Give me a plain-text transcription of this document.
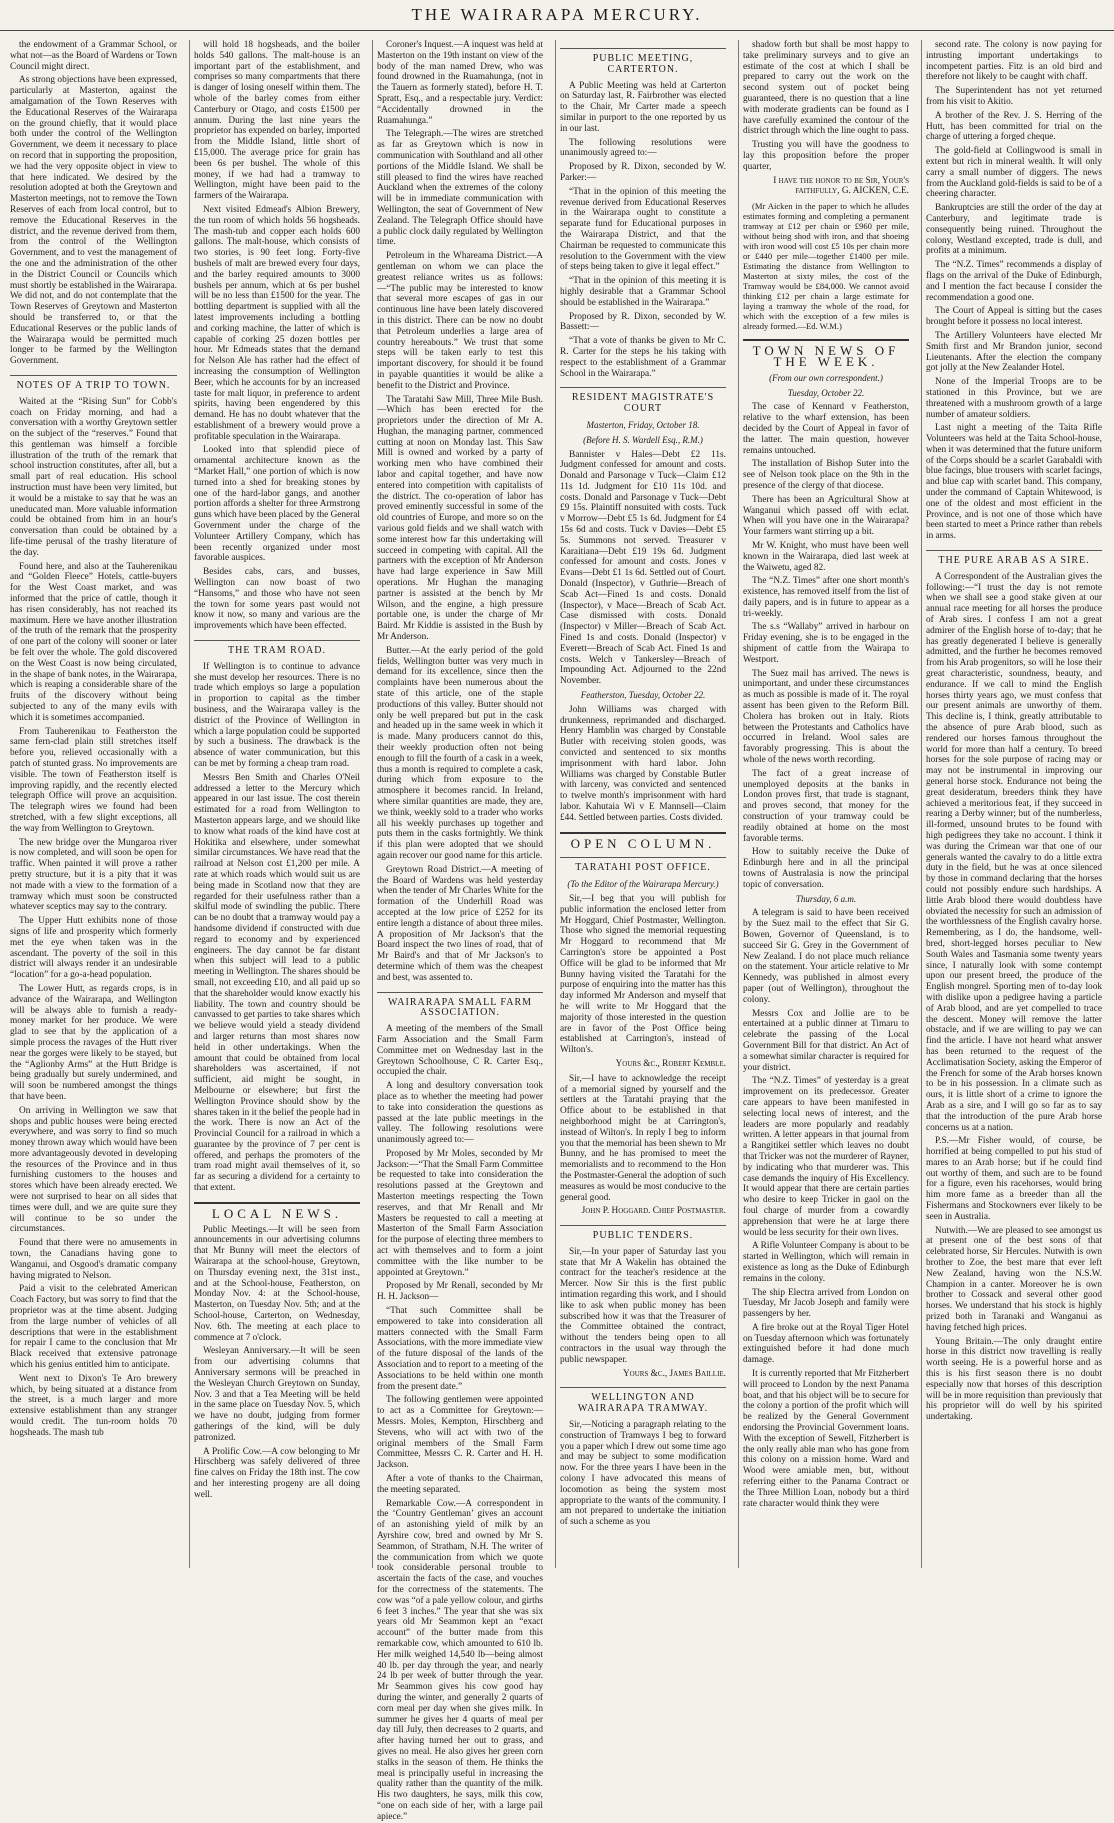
THE WAIRARAPA MERCURY.

the endowment of a Grammar School, or what not—as the Board of Wardens or Town Council might direct.

As strong objections have been expressed, particularly at Masterton, against the amalgamation of the Town Reserves with the Educational Reserves of the Wairarapa on the ground chiefly, that it would place both under the control of the Wellington Government, we deem it necessary to place on record that in supporting the proposition, we had the very opposite object in view to that here indicated. We desired by the resolution adopted at both the Greytown and Masterton meetings, not to remove the Town Reserves of each from local control, but to remove the Educational Reserves in the district, and the revenue derived from them, from the control of the Wellington Government, and to vest the management of the one and the administration of the other in the District Council or Councils which must shortly be established in the Wairarapa. We did not, and do not contemplate that the Town Reserves of Greytown and Masterton should be transferred to, or that the Educational Reserves or the public lands of the Wairarapa would be permitted much longer to be farmed by the Wellington Government.

NOTES OF A TRIP TO TOWN.

Waited at the “Rising Sun” for Cobb's coach on Friday morning, and had a conversation with a worthy Greytown settler on the subject of the “reserves.” Found that this gentleman was himself a forcible illustration of the truth of the remark that school instruction constitutes, after all, but a small part of real education. His school instruction must have been very limited, but it would be a mistake to say that he was an uneducated man. More valuable information could be obtained from him in an hour's conversation than could be obtained by a life-time perusal of the trashy literature of the day.

Found here, and also at the Tauherenikau and “Golden Fleece” Hotels, cattle-buyers for the West Coast market, and was informed that the price of cattle, though it has risen considerably, has not reached its maximum. Here we have another illustration of the truth of the remark that the prosperity of one part of the colony will sooner or later be felt over the whole. The gold discovered on the West Coast is now being circulated, in the shape of bank notes, in the Wairarapa, which is reaping a considerable share of the fruits of the discovery without being subjected to any of the many evils with which it is sometimes accompanied.

From Tauherenikau to Featherston the same fern-clad plain still stretches itself before you, relieved occasionally with a patch of stunted grass. No improvements are visible. The town of Featherston itself is improving rapidly, and the recently elected telegraph Office will prove an acquisition. The telegraph wires we found had been stretched, with a few slight exceptions, all the way from Wellington to Greytown.

The new bridge over the Mungaroa river is now completed, and will soon be open for traffic. When painted it will prove a rather pretty structure, but it is a pity that it was not made with a view to the formation of a tramway which must soon be constructed whatever sceptics may say to the contrary.

The Upper Hutt exhibits none of those signs of life and prosperity which formerly met the eye when taken was in the ascendant. The poverty of the soil in this district will always render it an undesirable “location” for a go-a-head population.

The Lower Hutt, as regards crops, is in advance of the Wairarapa, and Wellington will be always able to furnish a ready-money market for her produce. We were glad to see that by the application of a simple process the ravages of the Hutt river near the gorges were likely to be stayed, but the “Aglionby Arms” at the Hutt Bridge is being gradually but surely undermined, and will soon be numbered amongst the things that have been.

On arriving in Wellington we saw that shops and public houses were being erected everywhere, and was sorry to find so much money thrown away which would have been more advantageously devoted in developing the resources of the Province and in thus furnishing customers to the houses and stores which have been already erected. We were not surprised to hear on all sides that times were dull, and we are quite sure they will continue to be so under the circumstances.

Found that there were no amusements in town, the Canadians having gone to Wanganui, and Osgood's dramatic company having migrated to Nelson.

Paid a visit to the celebrated American Coach Factory, but was sorry to find that the proprietor was at the time absent. Judging from the large number of vehicles of all descriptions that were in the establishment for repair I came to the conclusion that Mr Black received that extensive patronage which his genius entitled him to anticipate.

Went next to Dixon's Te Aro brewery which, by being situated at a distance from the street, is a much larger and more extensive establishment than any stranger would credit. The tun-room holds 70 hogsheads. The mash tub

will hold 18 hogsheads, and the boiler holds 540 gallons. The malt-house is an important part of the establishment, and comprises so many compartments that there is danger of losing oneself within them. The whole of the barley comes from either Canterbury or Otago, and costs £1500 per annum. During the last nine years the proprietor has expended on barley, imported from the Middle Island, little short of £15,000. The average price for grain has been 6s per bushel. The whole of this money, if we had had a tramway to Wellington, might have been paid to the farmers of the Wairarapa.

Next visited Edmead's Albion Brewery, the tun room of which holds 56 hogsheads. The mash-tub and copper each holds 600 gallons. The malt-house, which consists of two stories, is 90 feet long. Forty-five bushels of malt are brewed every four days, and the barley required amounts to 3000 bushels per annum, which at 6s per bushel will be no less than £1500 for the year. The bottling department is supplied with all the latest improvements including a bottling and corking machine, the latter of which is capable of corking 25 dozen bottles per hour. Mr Edmeads states that the demand for Nelson Ale has rather had the effect of increasing the consumption of Wellington Beer, which he accounts for by an increased taste for malt liquor, in preference to ardent spirits, having been engendered by this demand. He has no doubt whatever that the establishment of a brewery would prove a profitable speculation in the Wairarapa.

Looked into that splendid piece of ornamental architecture known as the “Market Hall,” one portion of which is now turned into a shed for breaking stones by one of the hard-labor gangs, and another portion affords a shelter for three Armstrong guns which have been placed by the General Government under the charge of the Volunteer Artillery Company, which has been recently organized under most favorable auspices.

Besides cabs, cars, and busses, Wellington can now boast of two “Hansoms,” and those who have not seen the town for some years past would not know it now, so many and various are the improvements which have been effected.

THE TRAM ROAD.

If Wellington is to continue to advance she must develop her resources. There is no trade which employs so large a population in proportion to capital as the timber business, and the Wairarapa valley is the district of the Province of Wellington in which a large population could be supported by such a business. The drawback is the absence of water communication, but this can be met by forming a cheap tram road.

Messrs Ben Smith and Charles O'Neil addressed a letter to the Mercury which appeared in our last issue. The cost therein estimated for a road from Wellington to Masterton appears large, and we should like to know what roads of the kind have cost at Hokitika and elsewhere, under somewhat similar circumstances. We have read that the railroad at Nelson cost £1,200 per mile. A rate at which roads which would suit us are being made in Scotland now that they are regarded for their usefulness rather than a skilful mode of swindling the public. There can be no doubt that a tramway would pay a handsome dividend if constructed with due regard to economy and by experienced engineers. The day cannot be far distant when this subject will lead to a public meeting in Wellington. The shares should be small, not exceeding £10, and all paid up so that the shareholder would know exactly his liability. The town and country should be canvassed to get parties to take shares which we believe would yield a steady dividend and larger returns than most shares now held in other undertakings. When the amount that could be obtained from local shareholders was ascertained, if not sufficient, aid might be sought, in Melbourne or elsewhere; but first the Wellington Province should show by the shares taken in it the belief the people had in the work. There is now an Act of the Provincial Council for a railroad in which a guarantee by the province of 7 per cent is offered, and perhaps the promoters of the tram road might avail themselves of it, so far as securing a dividend for a certainty to that extent.

LOCAL NEWS.

Public Meetings.—It will be seen from announcements in our advertising columns that Mr Bunny will meet the electors of Wairarapa at the school-house, Greytown, on Thursday evening next, the 31st inst., and at the School-house, Featherston, on Monday Nov. 4: at the School-house, Masterton, on Tuesday Nov. 5th; and at the School-house, Carterton, on Wednesday, Nov. 6th. The meeting at each place to commence at 7 o'clock.

Wesleyan Anniversary.—It will be seen from our advertising columns that Anniversary sermons will be preached in the Wesleyan Church Greytown on Sunday, Nov. 3 and that a Tea Meeting will be held in the same place on Tuesday Nov. 5, which we have no doubt, judging from former gatherings of the kind, will be duly patronized.

A Prolific Cow.—A cow belonging to Mr Hirschberg was safely delivered of three fine calves on Friday the 18th inst. The cow and her interesting progeny are all doing well.

Coroner's Inquest.—A inquest was held at Masterton on the 19th instant on view of the body of the man named Drew, who was found drowned in the Ruamahunga, (not in the Tauern as formerly stated), before H. T. Spratt, Esq., and a respectable jury. Verdict: “Accidentally drowned in the Ruamahunga.”

The Telegraph.—The wires are stretched as far as Greytown which is now in communication with Southland and all other portions of the Middle Island. We shall be still pleased to find the wires have reached Auckland when the extremes of the colony will be in immediate communication with Wellington, the seat of Government of New Zealand. The Telegraph Office should have a public clock daily regulated by Wellington time.

Petroleum in the Whareama District.—A gentleman on whom we can place the greatest reliance writes us as follows:—“The public may be interested to know that several more escapes of gas in our continuous line have been lately discovered in this district. There can be now no doubt that Petroleum underlies a large area of country hereabouts.” We trust that some steps will be taken early to test this important discovery, for should it be found in payable quantities it would be alike a benefit to the District and Province.

The Taratahi Saw Mill, Three Mile Bush.—Which has been erected for the proprietors under the direction of Mr A. Hughan, the managing partner, commenced cutting at noon on Monday last. This Saw Mill is owned and worked by a party of working men who have combined their labor and capital together, and have now entered into competition with capitalists of the district. The co-operation of labor has proved eminently successful in some of the old countries of Europe, and more so on the various gold fields and we shall watch with some interest how far this undertaking will succeed in competing with capital. All the partners with the exception of Mr Anderson have had large experience in Saw Mill operations. Mr Hughan the managing partner is assisted at the bench by Mr Wilson, and the engine, a high pressure portable one, is under the charge of Mr Baird. Mr Kiddie is assisted in the Bush by Mr Anderson.

Butter.—At the early period of the gold fields, Wellington butter was very much in demand for its excellence, since then the complaints have been numerous about the state of this article, one of the staple productions of this valley. Butter should not only be well prepared but put in the cask and headed up in the same week in which it is made. Many producers cannot do this, their weekly production often not being enough to fill the fourth of a cask in a week, thus a month is required to complete a cask, during which from exposure to the atmosphere it becomes rancid. In Ireland, where similar quantities are made, they are, we think, weekly sold to a trader who works all his weekly purchases up together and puts them in the casks fortnightly. We think if this plan were adopted that we should again recover our good name for this article.

Greytown Road District.—A meeting of the Board of Wardens was held yesterday when the tender of Mr Charles White for the formation of the Underhill Road was accepted at the low price of £252 for its entire length a distance of about three miles. A proposition of Mr Jackson's that the Board inspect the two lines of road, that of Mr Baird's and that of Mr Jackson's to determine which of them was the cheapest and best, was assented to.

WAIRARAPA SMALL FARM ASSOCIATION.

A meeting of the members of the Small Farm Association and the Small Farm Committee met on Wednesday last in the Greytown Schoolhouse, C R. Carter Esq., occupied the chair.

A long and desultory conversation took place as to whether the meeting had power to take into consideration the questions as passed at the late public meetings in the valley. The following resolutions were unanimously agreed to:—

Proposed by Mr Moles, seconded by Mr Jackson:—“That the Small Farm Committee be requested to take into consideration the resolutions passed at the Greytown and Masterton meetings respecting the Town reserves, and that Mr Renall and Mr Masters be requested to call a meeting at Masterton of the Small Farm Association for the purpose of electing three members to act with themselves and to form a joint committee with the like number to be appointed at Greytown.”

Proposed by Mr Renall, seconded by Mr H. H. Jackson—

“That such Committee shall be empowered to take into consideration all matters connected with the Small Farm Associations, with the more immediate view of the future disposal of the lands of the Association and to report to a meeting of the Associations to be held within one month from the present date.”

The following gentlemen were appointed to act as a Committee for Greytown:—Messrs. Moles, Kempton, Hirschberg and Stevens, who will act with two of the original members of the Small Farm Committee, Messrs C. R. Carter and H. H. Jackson.

After a vote of thanks to the Chairman, the meeting separated.

Remarkable Cow.—A correspondent in the ‘Country Gentleman’ gives an account of an astonishing yield of milk by an Ayrshire cow, bred and owned by Mr S. Seammon, of Stratham, N.H. The writer of the communication from which we quote took considerable personal trouble to ascertain the facts of the case, and vouches for the correctness of the statements. The cow was “of a pale yellow colour, and girths 6 feet 3 inches.” The year that she was six years old Mr Seammon kept an “exact account” of the butter made from this remarkable cow, which amounted to 610 lb. Her milk weighed 14,540 lb—being almost 40 lb. per day through the year, and nearly 24 lb per week of butter through the year. Mr Seammon gives his cow good hay during the winter, and generally 2 quarts of corn meal per day when she gives milk. In summer he gives her 4 quarts of meal per day till July, then decreases to 2 quarts, and after having turned her out to grass, and gives no meal. He also gives her green corn stalks in the season of them. He thinks the meal is principally useful in increasing the quality rather than the quantity of the milk. His two daughters, he says, milk this cow, “one on each side of her, with a large pail apiece.”

PUBLIC MEETING, CARTERTON.

A Public Meeting was held at Carterton on Saturday last, R. Fairbrother was elected to the Chair, Mr Carter made a speech similar in purport to the one reported by us in our last.

The following resolutions were unanimously agreed to:—

Proposed by R. Dixon, seconded by W. Parker:—

“That in the opinion of this meeting the revenue derived from Educational Reserves in the Wairarapa ought to constitute a separate fund for Educational purposes in the Wairarapa District, and that the Chairman be requested to communicate this resolution to the Government with the view of steps being taken to give it legal effect.”

“That in the opinion of this meeting it is highly desirable that a Grammar School should be established in the Wairarapa.”

Proposed by R. Dixon, seconded by W. Bassett:—

“That a vote of thanks be given to Mr C. R. Carter for the steps he his taking with respect to the establishment of a Grammar School in the Wairarapa.”

RESIDENT MAGISTRATE'S COURT
Masterton, Friday, October 18.
(Before H. S. Wardell Esq., R.M.)

Bannister v Hales—Debt £2 11s. Judgment confessed for amount and costs. Donald and Parsonage v Tuck—Claim £12 11s 1d. Judgment for £10 11s 10d. and costs. Donald and Parsonage v Tuck—Debt £9 15s. Plaintiff nonsuited with costs. Tuck v Morrow—Debt £5 1s 6d. Judgment for £4 15s 6d and costs. Tuck v Davies—Debt £5 5s. Summons not served. Treasurer v Karaitiana—Debt £19 19s 6d. Judgment confessed for amount and costs. Jones v Evans—Debt £1 1s 6d. Settled out of Court. Donald (Inspector), v Guthrie—Breach of Scab Act—Fined 1s and costs. Donald (Inspector), v Mace—Breach of Scab Act. Case dismissed with costs. Donald (Inspector) v Miller—Breach of Scab Act. Fined 1s and costs. Donald (Inspector) v Everett—Breach of Scab Act. Fined 1s and costs. Welch v Tankersley—Breach of Impounding Act. Adjourned to the 22nd November.

Featherston, Tuesday, October 22.

John Williams was charged with drunkenness, reprimanded and discharged. Henry Hamblin was charged by Constable Butler with receiving stolen goods, was convicted and sentenced to six months imprisonment with hard labor. John Williams was charged by Constable Butler with larceny, was convicted and sentenced to twelve month's imprisonment with hard labor. Kahutaia Wi v E Mannsell—Claim £44. Settled between parties. Costs divided.

OPEN COLUMN.
TARATAHI POST OFFICE.
(To the Editor of the Wairarapa Mercury.)

Sir,—I beg that you will publish for public information the enclosed letter from Mr Hoggard, Chief Postmaster, Wellington. Those who signed the memorial requesting Mr Hoggard to recommend that Mr Carrington's store be appointed a Post Office will be glad to be informed that Mr Bunny having visited the Taratahi for the purpose of enquiring into the matter has this day informed Mr Anderson and myself that he will write to Mr Hoggard that the majority of those interested in the question are in favor of the Post Office being established at Carrington's, instead of Wilton's.

Yours &c., Robert Kemble.

Sir,—I have to acknowledge the receipt of a memorial signed by yourself and the settlers at the Taratahi praying that the Office about to be established in that neighborhood might be at Carrington's, instead of Wilton's. In reply I beg to inform you that the memorial has been shewn to Mr Bunny, and he has promised to meet the memorialists and to recommend to the Hon the Postmaster-General the adoption of such measures as would be most conducive to the general good.

John P. Hoggard. Chief Postmaster.
PUBLIC TENDERS.

Sir,—In your paper of Saturday last you state that Mr A Wakelin has obtained the contract for the teacher's residence at the Mercer. Now Sir this is the first public intimation regarding this work, and I should like to ask when public money has been subscribed how it was that the Treasurer of the Committee obtained the contract, without the tenders being open to all contractors in the usual way through the public newspaper.

Yours &c., James Baillie.
WELLINGTON AND WAIRARAPA TRAMWAY.

Sir,—Noticing a paragraph relating to the construction of Tramways I beg to forward you a paper which I drew out some time ago and may be subject to some modification now. For the three years I have been in the colony I have advocated this means of locomotion as being the system most appropriate to the wants of the community. I am not prepared to undertake the initiation of such a scheme as you

shadow forth but shall be most happy to take preliminary surveys and to give an estimate of the cost at which I shall be prepared to carry out the work on the second system out of pocket being guaranteed, there is no question that a line with moderate gradients can be found as I have carefully examined the contour of the district through which the line ought to pass.

Trusting you will have the goodness to lay this proposition before the proper quarter,

I have the honor to be Sir, Your's faithfully, G. AICKEN, C.E.

(Mr Aicken in the paper to which he alludes estimates forming and completing a permanent tramway at £12 per chain or £960 per mile, without being shod with iron, and that shoeing with iron wood will cost £5 10s per chain more or £440 per mile—together £1400 per mile. Estimating the distance from Wellington to Masterton at sixty miles, the cost of the Tramway would be £84,000. We cannot avoid thinking £12 per chain a large estimate for laying a tramway the whole of the road, for which with the exception of a few miles is already formed.—Ed. W.M.)

TOWN NEWS OF THE WEEK.
(From our own correspondent.)
Tuesday, October 22.

The case of Kennard v Featherston, relative to the wharf extension, has been decided by the Court of Appeal in favor of the latter. The main question, however remains untouched.

The installation of Bishop Suter into the see of Nelson took place on the 9th in the presence of the clergy of that diocese.

There has been an Agricultural Show at Wanganui which passed off with eclat. When will you have one in the Wairarapa? Your farmers want stirring up a bit.

Mr W. Knight, who must have been well known in the Wairarapa, died last week at the Waiwetu, aged 82.

The “N.Z. Times” after one short month's existence, has removed itself from the list of daily papers, and is in future to appear as a tri-weekly.

The s.s “Wallaby” arrived in harbour on Friday evening, she is to be engaged in the shipment of cattle from the Wairapa to Westport.

The Suez mail has arrived. The news is unimportant, and under these circumstances as much as possible is made of it. The royal assent has been given to the Reform Bill. Cholera has broken out in Italy. Riots between the Protestants and Catholics have occurred in Ireland. Wool sales are favorably progressing. This is about the whole of the news worth recording.

The fact of a great increase of unemployed deposits at the banks in London proves first, that trade is stagnant, and proves second, that money for the construction of your tramway could be readily obtained at home on the most favorable terms.

How to suitably receive the Duke of Edinburgh here and in all the principal towns of Australasia is now the principal topic of conversation.

Thursday, 6 a.m.

A telegram is said to have been received by the Suez mail to the effect that Sir G. Bowen, Governor of Queensland, is to succeed Sir G. Grey in the Government of New Zealand. I do not place much reliance on the statement. Your article relative to Mr Kennedy, was published in almost every paper (out of Wellington), throughout the colony.

Messrs Cox and Jollie are to be entertained at a public dinner at Timaru to celebrate the passing of the Local Government Bill for that district. An Act of a somewhat similar character is required for your district.

The “N.Z. Times” of yesterday is a great improvement on its predecessor. Greater care appears to have been manifested in selecting local news of interest, and the leaders are more popularly and readably written. A letter appears in that journal from a Rangitikei settler which leaves no doubt that Tricker was not the murderer of Rayner, by indicating who that murderer was. This case demands the inquiry of His Excellency. It would appear that there are certain parties who desire to keep Tricker in gaol on the foul charge of murder from a cowardly apprehension that were he at large there would be less security for their own lives.

A Rifle Volunteer Company is about to be started in Wellington, which will remain in existence as long as the Duke of Edinburgh remains in the colony.

The ship Electra arrived from London on Tuesday, Mr Jacob Joseph and family were passengers by her.

A fire broke out at the Royal Tiger Hotel on Tuesday afternoon which was fortunately extinguished before it had done much damage.

It is currently reported that Mr Fitzherbert will proceed to London by the next Panama boat, and that his object will be to secure for the colony a portion of the profit which will be realized by the General Government endorsing the Provincial Government loans. With the exception of Sewell, Fitzherbert is the only really able man who has gone from this colony on a mission home. Ward and Wood were amiable men, but, without referring either to the Panama Contract or the Three Million Loan, nobody but a third rate character would think they were

second rate. The colony is now paying for intrusting important undertakings to incompetent parties. Fitz is an old bird and therefore not likely to be caught with chaff.

The Superintendent has not yet returned from his visit to Akitio.

A brother of the Rev. J. S. Herring of the Hutt, has been committed for trial on the charge of uttering a forged cheque.

The gold-field at Collingwood is small in extent but rich in mineral wealth. It will only carry a small number of diggers. The news from the Auckland gold-fields is said to be of a cheering character.

Bankruptcies are still the order of the day at Canterbury, and legitimate trade is consequently being ruined. Throughout the colony, Westland excepted, trade is dull, and profits at a minimum.

The “N.Z. Times” recommends a display of flags on the arrival of the Duke of Edinburgh, and I mention the fact because I consider the recommendation a good one.

The Court of Appeal is sitting but the cases brought before it possess no local interest.

The Artillery Volunteers have elected Mr Smith first and Mr Brandon junior, second Lieutenants. After the election the company got jolly at the New Zealander Hotel.

None of the Imperial Troops are to be stationed in this Province, but we are threatened with a mushroom growth of a large number of amateur soldiers.

Last night a meeting of the Taita Rifle Volunteers was held at the Taita School-house, when it was determined that the future uniform of the Corps should be a scarlet Garabaldi with blue facings, blue trousers with scarlet facings, and blue cap with scarlet band. This company, under the command of Captain Whitewood, is one of the oldest and most efficient in the Province, and is not one of those which have been started to meet a Prince rather than rebels in arms.

THE PURE ARAB AS A SIRE.

A Correspondent of the Australian gives the following:—“I trust the day is not remote when we shall see a good stake given at our annual race meeting for all horses the produce of Arab sires. I confess I am not a great admirer of the English horse of to-day; that he has greatly degenerated I believe is generally admitted, and the further he becomes removed from his Arab progenitors, so will he lose their great characteristic, soundness, beauty, and endurance. If we call to mind the English horses thirty years ago, we must confess that our present animals are unworthy of them. This decline is, I think, greatly attributable to the absence of pure Arab blood, such as rendered our horses famous throughout the world for more than half a century. To breed horses for the sole purpose of racing may or may not be instrumental in improving our general horse stock. Endurance not being the great desideratum, breeders think they have achieved a meritorious feat, if they succeed in rearing a Derby winner; but of the numberless, ill-formed, unsound brutes to be found with high pedigrees they take no account. I think it was during the Crimean war that one of our generals wanted the cavalry to do a little extra duty in the field, but he was at once silenced by those in command declaring that the horses could not possibly endure such hardships. A little Arab blood there would doubtless have obviated the necessity for such an admission of the worthlessness of the English cavalry horse. Remembering, as I do, the handsome, well-bred, short-legged horses peculiar to New South Wales and Tasmania some twenty years since, I naturally look with some contempt upon our present breed, the produce of the English mongrel. Sporting men of to-day look with dislike upon a pedigree having a particle of Arab blood, and are yet compelled to trace the descent. Money will remove the latter obstacle, and if we are willing to pay we can find the article. I have not heard what answer has been returned to the request of the Acclimatisation Society, asking the Emperor of the French for some of the Arab horses known to be in his possession. In a climate such as ours, it is little short of a crime to ignore the Arab as a sire, and I will go so far as to say that the introduction of the pure Arab horse concerns us at a nation.

P.S.—Mr Fisher would, of course, be horrified at being compelled to put his stud of mares to an Arab horse; but if he could find out worthy of them, and such are to be found for a figure, even his racehorses, would bring him more fame as a breeder than all the Fishermans and Stockowners ever likely to be seen in Australia.

Nutwith.—We are pleased to see amongst us at present one of the best sons of that celebrated horse, Sir Hercules. Nutwith is own brother to Zoe, the best mare that ever left New Zealand, having won the N.S.W. Champion in a canter. Moreover he is own brother to Cossack and several other good horses. We understand that his stock is highly prized both in Taranaki and Wanganui as having fetched high prices.

Young Britain.—The only draught entire horse in this district now travelling is really worth seeing. He is a powerful horse and as this is his first season there is no doubt especially now that horses of this description will be in more requisition than previously that his proprietor will do well by his spirited undertaking.
